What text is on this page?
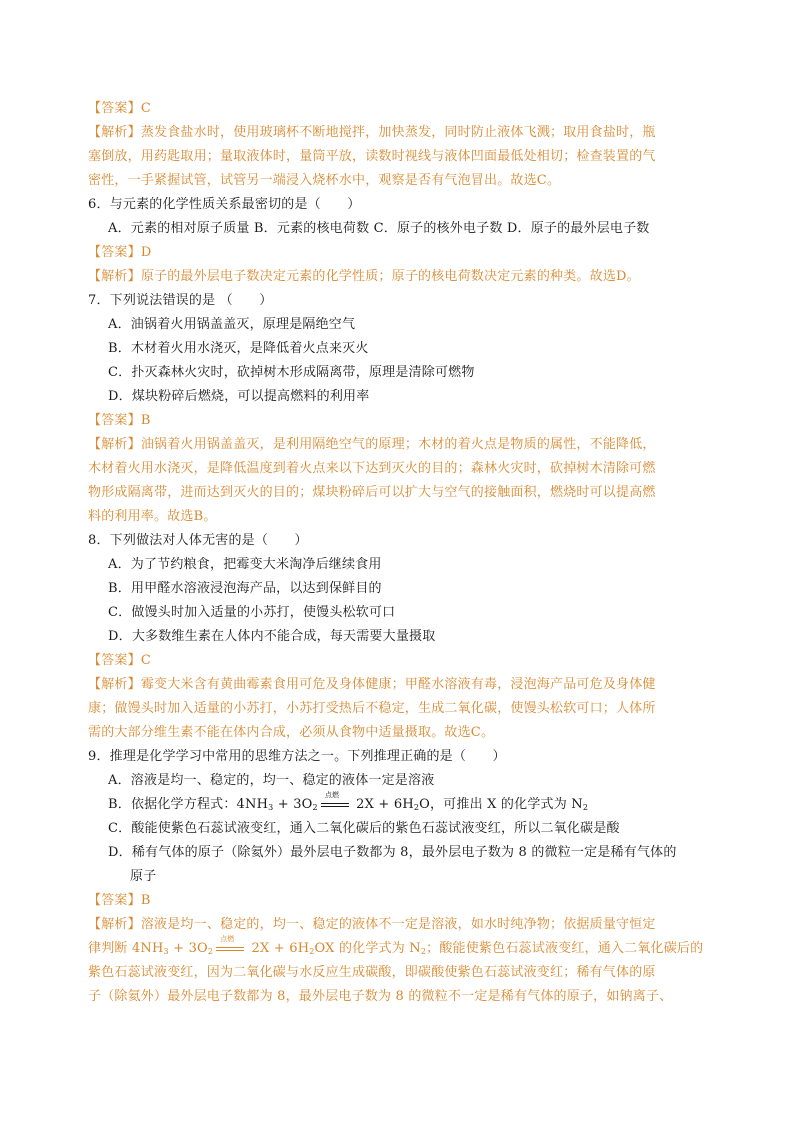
【答案】C
【解析】蒸发食盐水时，使用玻璃杯不断地搅拌，加快蒸发，同时防止液体飞溅；取用食盐时，瓶
塞倒放，用药匙取用；量取液体时，量筒平放，读数时视线与液体凹面最低处相切；检查装置的气
密性，一手紧握试管，试管另一端浸入烧杯水中，观察是否有气泡冒出。故选C。
6．与元素的化学性质关系最密切的是（　　）
A．元素的相对原子质量 B．元素的核电荷数 C．原子的核外电子数 D．原子的最外层电子数
【答案】D
【解析】原子的最外层电子数决定元素的化学性质；原子的核电荷数决定元素的种类。故选D。
7．下列说法错误的是 （　　）
A．油锅着火用锅盖盖灭，原理是隔绝空气
B．木材着火用水浇灭，是降低着火点来灭火
C．扑灭森林火灾时，砍掉树木形成隔离带，原理是清除可燃物
D．煤块粉碎后燃烧，可以提高燃料的利用率
【答案】B
【解析】油锅着火用锅盖盖灭，是利用隔绝空气的原理；木材的着火点是物质的属性，不能降低，
木材着火用水浇灭，是降低温度到着火点来以下达到灭火的目的；森林火灾时，砍掉树木清除可燃
物形成隔离带，进而达到灭火的目的；煤块粉碎后可以扩大与空气的接触面积，燃烧时可以提高燃
料的利用率。故选B。
8．下列做法对人体无害的是（　　）
A．为了节约粮食，把霉变大米淘净后继续食用
B．用甲醛水溶液浸泡海产品，以达到保鲜目的
C．做馒头时加入适量的小苏打，使馒头松软可口
D．大多数维生素在人体内不能合成，每天需要大量摄取
【答案】C
【解析】霉变大米含有黄曲霉素食用可危及身体健康；甲醛水溶液有毒，浸泡海产品可危及身体健
康；做馒头时加入适量的小苏打，小苏打受热后不稳定，生成二氧化碳，使馒头松软可口；人体所
需的大部分维生素不能在体内合成，必须从食物中适量摄取。故选C。
9．推理是化学学习中常用的思维方法之一。下列推理正确的是（　　）
A．溶液是均一、稳定的，均一、稳定的液体一定是溶液
B．依据化学方程式：$4NH_3 + 3O_2$
点燃
$2X + 6H_2O$，可推出 X 的化学式为 $N_2$
C．酸能使紫色石蕊试液变红，通入二氧化碳后的紫色石蕊试液变红，所以二氧化碳是酸
D．稀有气体的原子（除氦外）最外层电子数都为 8，最外层电子数为 8 的微粒一定是稀有气体的
原子
【答案】B
【解析】溶液是均一、稳定的，均一、稳定的液体不一定是溶液，如水时纯净物；依据质量守恒定
律判断 $4NH_3 + 3O_2$
点燃
$2X + 6H_2OX$ 的化学式为 $N_2$；酸能使紫色石蕊试液变红，通入二氧化碳后的
紫色石蕊试液变红，因为二氧化碳与水反应生成碳酸，即碳酸使紫色石蕊试液变红；稀有气体的原
子（除氦外）最外层电子数都为 8，最外层电子数为 8 的微粒不一定是稀有气体的原子，如钠离子、
